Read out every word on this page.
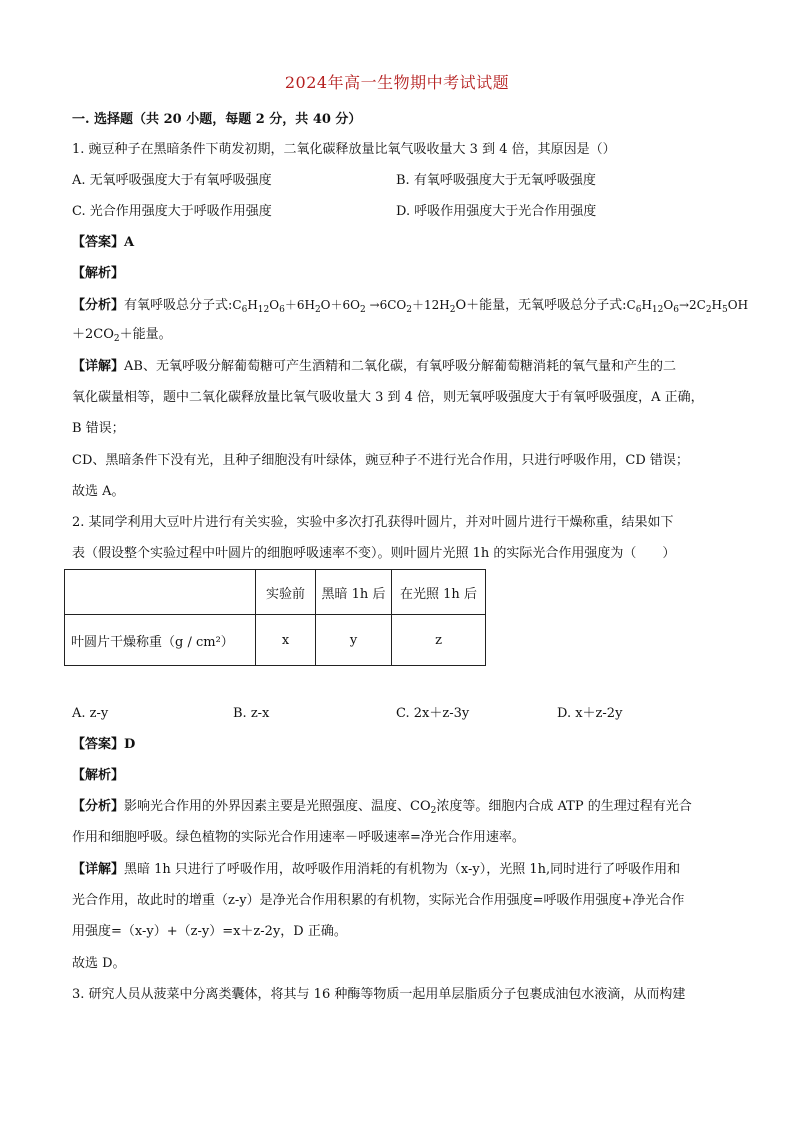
2024年高一生物期中考试试题
一. 选择题（共 20 小题，每题 2 分，共 40 分）
1. 豌豆种子在黑暗条件下萌发初期，二氧化碳释放量比氧气吸收量大 3 到 4 倍，其原因是（）
A. 无氧呼吸强度大于有氧呼吸强度	B. 有氧呼吸强度大于无氧呼吸强度
C. 光合作用强度大于呼吸作用强度	D. 呼吸作用强度大于光合作用强度
【答案】A
【解析】
【分析】有氧呼吸总分子式$:C_6H_{12}O_6+6H_2O+6O_2 \to 6CO_2+12H_2O+$能量，无氧呼吸总分子式$:C_6H_{12}O_6\to 2C_2H_5OH$
$+2CO_2+$能量。
【详解】AB、无氧呼吸分解葡萄糖可产生酒精和二氧化碳，有氧呼吸分解葡萄糖消耗的氧气量和产生的二
氧化碳量相等，题中二氧化碳释放量比氧气吸收量大 3 到 4 倍，则无氧呼吸强度大于有氧呼吸强度，A 正确，
B 错误；
CD、黑暗条件下没有光，且种子细胞没有叶绿体，豌豆种子不进行光合作用，只进行呼吸作用，CD 错误；
故选 A。
2. 某同学利用大豆叶片进行有关实验，实验中多次打孔获得叶圆片，并对叶圆片进行干燥称重，结果如下
表（假设整个实验过程中叶圆片的细胞呼吸速率不变）。则叶圆片光照 1h 的实际光合作用强度为（　　）
	实验前	黑暗 1h 后	在光照 1h 后
叶圆片干燥称重（g / cm²）	x	y	z
A. z-y	B. z-x	C. 2x＋z-3y	D. x＋z-2y
【答案】D
【解析】
【分析】影响光合作用的外界因素主要是光照强度、温度、$CO_2$浓度等。细胞内合成 ATP 的生理过程有光合
作用和细胞呼吸。绿色植物的实际光合作用速率－呼吸速率=净光合作用速率。
【详解】黑暗 1h 只进行了呼吸作用，故呼吸作用消耗的有机物为（x-y），光照 1h,同时进行了呼吸作用和
光合作用，故此时的增重（z-y）是净光合作用积累的有机物，实际光合作用强度=呼吸作用强度+净光合作
用强度=（x-y）+（z-y）=x＋z-2y，D 正确。
故选 D。
3. 研究人员从菠菜中分离类囊体，将其与 16 种酶等物质一起用单层脂质分子包裹成油包水液滴，从而构建
